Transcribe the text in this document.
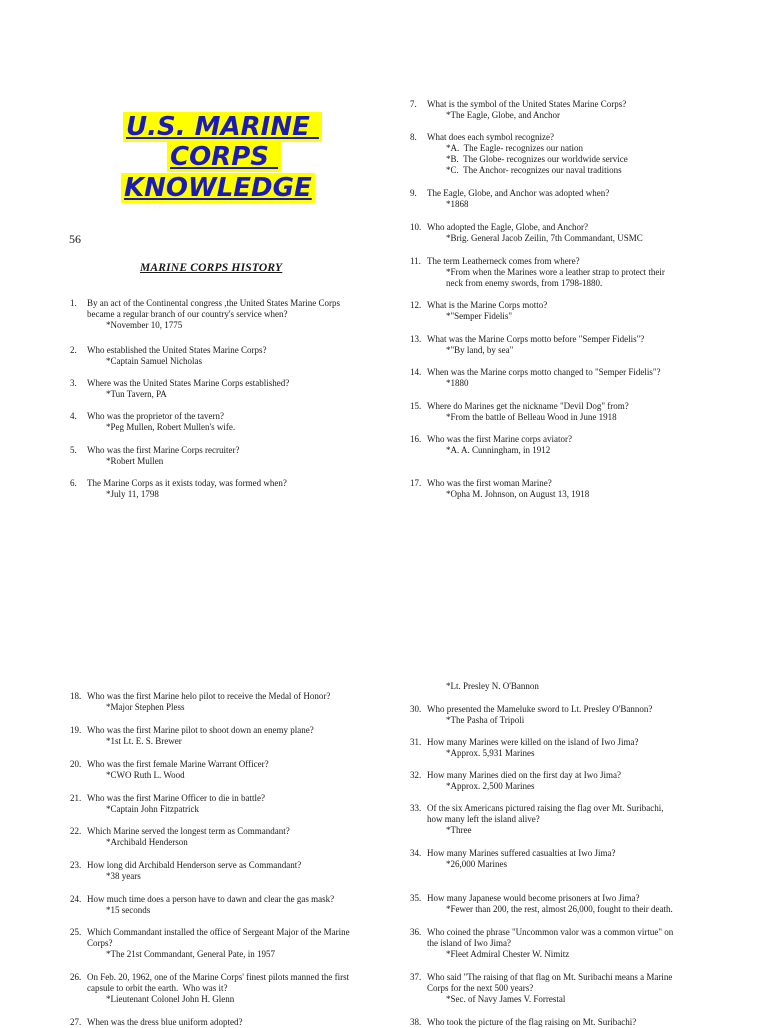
U.S. MARINE
CORPS
KNOWLEDGE
56
MARINE CORPS HISTORY
1.	By an act of the Continental congress ,the United States Marine Corps
became a regular branch of our country's service when?
*November 10, 1775
2.	Who established the United States Marine Corps?
*Captain Samuel Nicholas
3.	Where was the United States Marine Corps established?
*Tun Tavern, PA
4.	Who was the proprietor of the tavern?
*Peg Mullen, Robert Mullen's wife.
5.	Who was the first Marine Corps recruiter?
*Robert Mullen
6.	The Marine Corps as it exists today, was formed when?
*July 11, 1798
7.	What is the symbol of the United States Marine Corps?
*The Eagle, Globe, and Anchor
8.	What does each symbol recognize?
*A.  The Eagle- recognizes our nation
*B.  The Globe- recognizes our worldwide service
*C.  The Anchor- recognizes our naval traditions
9.	The Eagle, Globe, and Anchor was adopted when?
*1868
10. Who adopted the Eagle, Globe, and Anchor?
*Brig. General Jacob Zeilin, 7th Commandant, USMC
11. The term Leatherneck comes from where?
*From when the Marines wore a leather strap to protect their
neck from enemy swords, from 1798-1880.
12. What is the Marine Corps motto?
*"Semper Fidelis"
13. What was the Marine Corps motto before "Semper Fidelis"?
*"By land, by sea"
14. When was the Marine corps motto changed to "Semper Fidelis"?
*1880
15. Where do Marines get the nickname "Devil Dog" from?
*From the battle of Belleau Wood in June 1918
16. Who was the first Marine corps aviator?
*A. A. Cunningham, in 1912
17. Who was the first woman Marine?
*Opha M. Johnson, on August 13, 1918
18. Who was the first Marine helo pilot to receive the Medal of Honor?
*Major Stephen Pless
19. Who was the first Marine pilot to shoot down an enemy plane?
*1st Lt. E. S. Brewer
20. Who was the first female Marine Warrant Officer?
*CWO Ruth L. Wood
21. Who was the first Marine Officer to die in battle?
*Captain John Fitzpatrick
22. Which Marine served the longest term as Commandant?
*Archibald Henderson
23. How long did Archibald Henderson serve as Commandant?
*38 years
24. How much time does a person have to dawn and clear the gas mask?
*15 seconds
25. Which Commandant installed the office of Sergeant Major of the Marine
Corps?
*The 21st Commandant, General Pate, in 1957
26. On Feb. 20, 1962, one of the Marine Corps' finest pilots manned the first
capsule to orbit the earth.  Who was it?
*Lieutenant Colonel John H. Glenn
27. When was the dress blue uniform adopted?
*Lt. Presley N. O'Bannon
30. Who presented the Mameluke sword to Lt. Presley O'Bannon?
*The Pasha of Tripoli
31. How many Marines were killed on the island of Iwo Jima?
*Approx. 5,931 Marines
32. How many Marines died on the first day at Iwo Jima?
*Approx. 2,500 Marines
33. Of the six Americans pictured raising the flag over Mt. Suribachi,
how many left the island alive?
*Three
34. How many Marines suffered casualties at Iwo Jima?
*26,000 Marines
35. How many Japanese would become prisoners at Iwo Jima?
*Fewer than 200, the rest, almost 26,000, fought to their death.
36. Who coined the phrase "Uncommon valor was a common virtue" on
the island of Iwo Jima?
*Fleet Admiral Chester W. Nimitz
37. Who said "The raising of that flag on Mt. Suribachi means a Marine
Corps for the next 500 years?
*Sec. of Navy James V. Forrestal
38. Who took the picture of the flag raising on Mt. Suribachi?
